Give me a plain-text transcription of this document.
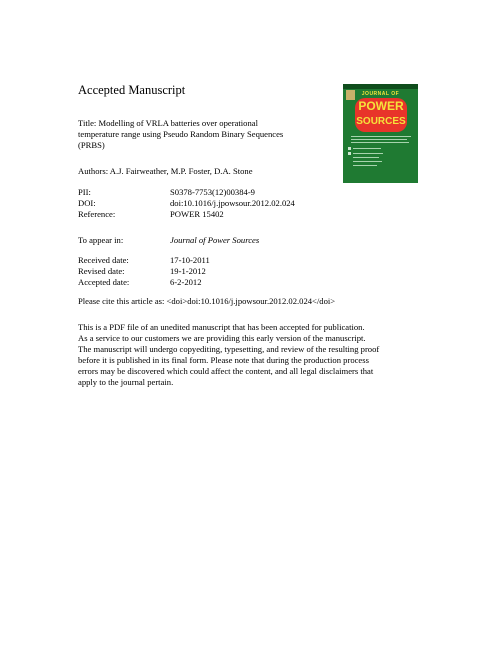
Accepted Manuscript
Title: Modelling of VRLA batteries over operational
temperature range using Pseudo Random Binary Sequences
(PRBS)
Authors: A.J. Fairweather, M.P. Foster, D.A. Stone
PII:	S0378-7753(12)00384-9
DOI:	doi:10.1016/j.jpowsour.2012.02.024
Reference:	POWER 15402
To appear in:	Journal of Power Sources
Received date:	17-10-2011
Revised date:	19-1-2012
Accepted date:	6-2-2012
Please cite this article as: <doi>doi:10.1016/j.jpowsour.2012.02.024</doi>
This is a PDF file of an unedited manuscript that has been accepted for publication.
As a service to our customers we are providing this early version of the manuscript.
The manuscript will undergo copyediting, typesetting, and review of the resulting proof
before it is published in its final form. Please note that during the production process
errors may be discovered which could affect the content, and all legal disclaimers that
apply to the journal pertain.
JOURNAL OF
POWER
SOURCES
